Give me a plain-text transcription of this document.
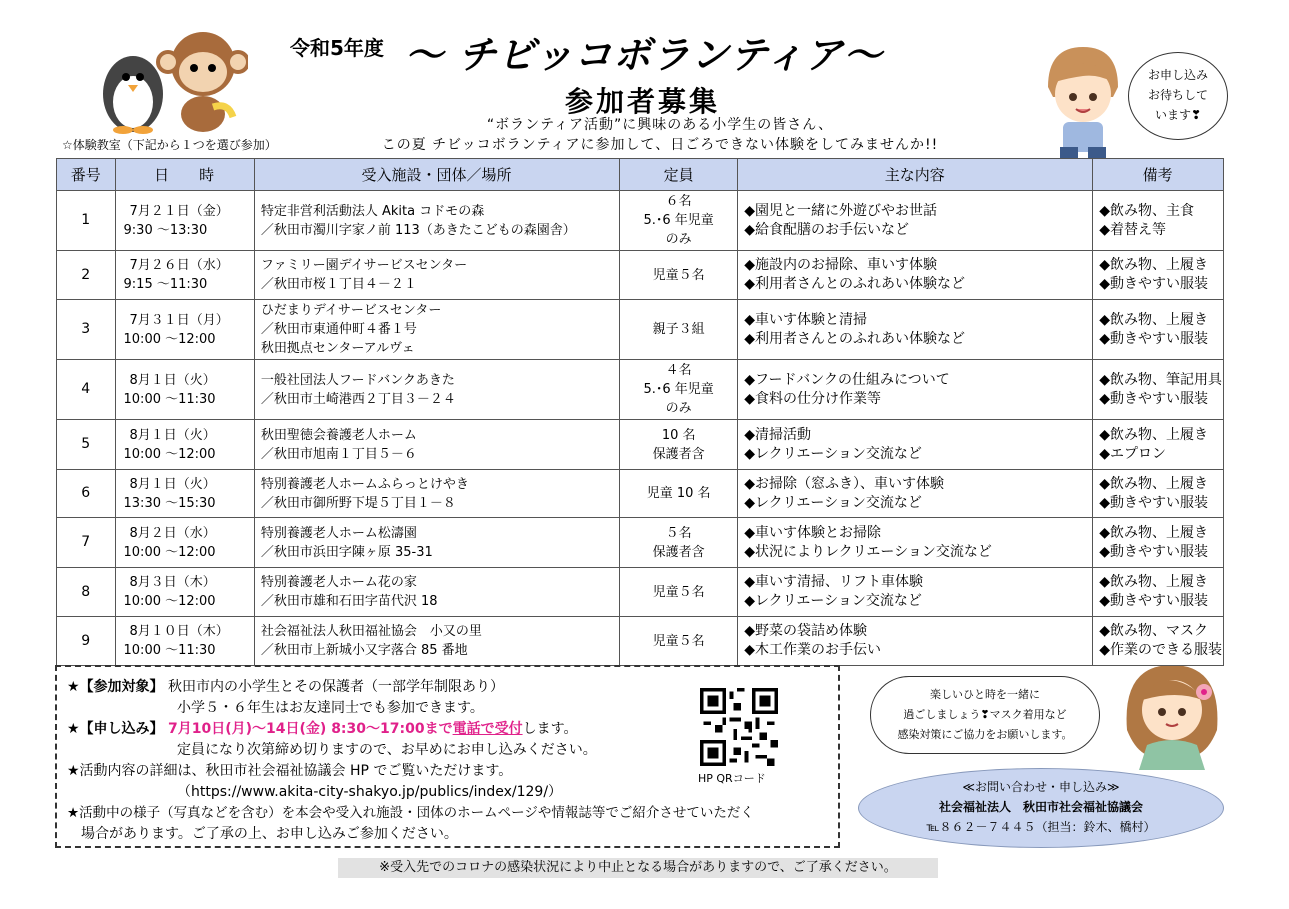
令和5年度 〜 チビッコボランティア〜
参加者募集
“ボランティア活動”に興味のある小学生の皆さん、
この夏 チビッコボランティアに参加して、日ごろできない体験をしてみませんか!!
☆体験教室（下記から１つを選び参加）
お申し込み
お待ちして
います❣
番号	日　　時	受入施設・団体／場所	定員	主な内容	備考
1	7月２１日（金）
9:30 〜13:30	特定非営利活動法人 Akita コドモの森
／秋田市濁川字家ノ前 113（あきたこどもの森園舎）	６名
5.･6 年児童
のみ	◆園児と一緒に外遊びやお世話
◆給食配膳のお手伝いなど	◆飲み物、主食
◆着替え等

2	7月２６日（水）
9:15 〜11:30	ファミリー園デイサービスセンター
／秋田市桜１丁目４－２１	児童５名	◆施設内のお掃除、車いす体験
◆利用者さんとのふれあい体験など	◆飲み物、上履き
◆動きやすい服装

3	7月３１日（月）
10:00 〜12:00	ひだまりデイサービスセンター
／秋田市東通仲町４番１号
秋田拠点センターアルヴェ	親子３組	◆車いす体験と清掃
◆利用者さんとのふれあい体験など	◆飲み物、上履き
◆動きやすい服装

4	8月１日（火）
10:00 〜11:30	一般社団法人フードバンクあきた
／秋田市土崎港西２丁目３－２４	４名
5.･6 年児童
のみ	◆フードバンクの仕組みについて
◆食料の仕分け作業等	◆飲み物、筆記用具
◆動きやすい服装

5	8月１日（火）
10:00 〜12:00	秋田聖徳会養護老人ホーム
／秋田市旭南１丁目５－６	10 名
保護者含	◆清掃活動
◆レクリエーション交流など	◆飲み物、上履き
◆エプロン

6	8月１日（火）
13:30 〜15:30	特別養護老人ホームふらっとけやき
／秋田市御所野下堤５丁目１－８	児童 10 名	◆お掃除（窓ふき）、車いす体験
◆レクリエーション交流など	◆飲み物、上履き
◆動きやすい服装

7	8月２日（水）
10:00 〜12:00	特別養護老人ホーム松濤園
／秋田市浜田字陳ヶ原 35-31	５名
保護者含	◆車いす体験とお掃除
◆状況によりレクリエーション交流など	◆飲み物、上履き
◆動きやすい服装

8	8月３日（木）
10:00 〜12:00	特別養護老人ホーム花の家
／秋田市雄和石田字苗代沢 18	児童５名	◆車いす清掃、リフト車体験
◆レクリエーション交流など	◆飲み物、上履き
◆動きやすい服装

9	8月１０日（木）
10:00 〜11:30	社会福祉法人秋田福祉協会　小又の里
／秋田市上新城小又字落合 85 番地	児童５名	◆野菜の袋詰め体験
◆木工作業のお手伝い	◆飲み物、マスク
◆作業のできる服装
★【参加対象】 秋田市内の小学生とその保護者（一部学年制限あり）
小学５・６年生はお友達同士でも参加できます。
★【申し込み】 7月10日(月)〜14日(金) 8:30〜17:00まで電話で受付します。
定員になり次第締め切りますので、お早めにお申し込みください。
★活動内容の詳細は、秋田市社会福祉協議会 HP でご覧いただけます。
（https://www.akita-city-shakyo.jp/publics/index/129/）
★活動中の様子（写真などを含む）を本会や受入れ施設・団体のホームページや情報誌等でご紹介させていただく
場合があります。ご了承の上、お申し込みご参加ください。
HP QRコード
※受入先でのコロナの感染状況により中止となる場合がありますので、ご了承ください。
楽しいひと時を一緒に
過ごしましょう❣マスク着用など
感染対策にご協力をお願いします。
≪お問い合わせ・申し込み≫
社会福祉法人　秋田市社会福祉協議会
℡８６２－７４４５（担当：鈴木、橋村）
